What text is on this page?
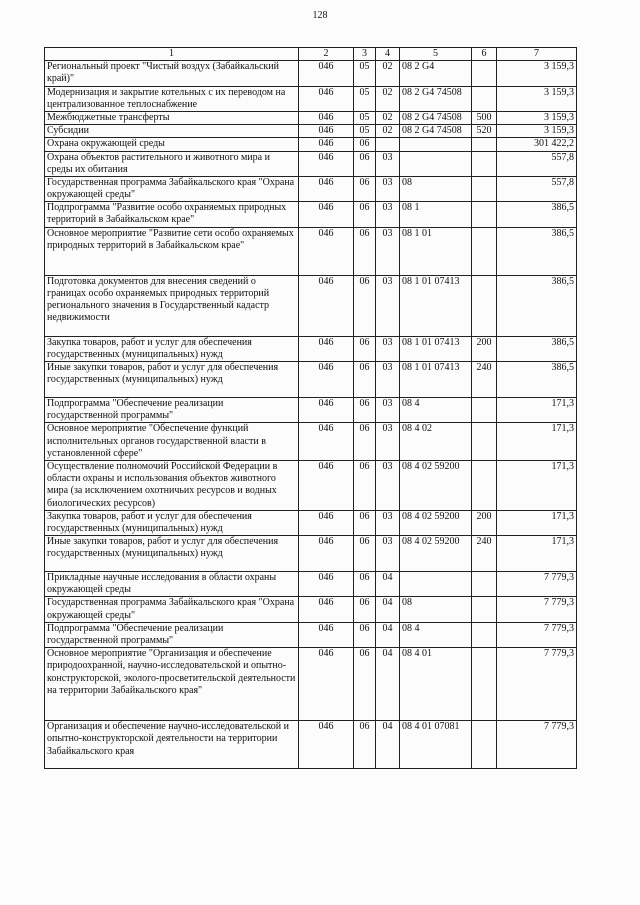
128
1	2	3	4	5	6	7
Региональный проект "Чистый воздух (Забайкальский край)"	046	05	02	08 2 G4		3 159,3
Модернизация и закрытие котельных с их переводом на централизованное теплоснабжение	046	05	02	08 2 G4 74508		3 159,3
Межбюджетные трансферты	046	05	02	08 2 G4 74508	500	3 159,3
Субсидии	046	05	02	08 2 G4 74508	520	3 159,3
Охрана окружающей среды	046	06				301 422,2
Охрана объектов растительного и животного мира и среды их обитания	046	06	03			557,8
Государственная программа Забайкальского края "Охрана окружающей среды"	046	06	03	08		557,8
Подпрограмма "Развитие особо охраняемых природных территорий в Забайкальском крае"	046	06	03	08 1		386,5
Основное мероприятие "Развитие сети особо охраняемых природных территорий в Забайкальском крае"	046	06	03	08 1 01		386,5
Подготовка документов для внесения сведений о границах особо охраняемых природных территорий регионального значения в Государственный кадастр недвижимости	046	06	03	08 1 01 07413		386,5
Закупка товаров, работ и услуг для обеспечения государственных (муниципальных) нужд	046	06	03	08 1 01 07413	200	386,5
Иные закупки товаров, работ и услуг для обеспечения государственных (муниципальных) нужд	046	06	03	08 1 01 07413	240	386,5
Подпрограмма "Обеспечение реализации государственной программы"	046	06	03	08 4		171,3
Основное мероприятие "Обеспечение функций исполнительных органов государственной власти в установленной сфере"	046	06	03	08 4 02		171,3
Осуществление полномочий Российской Федерации в области охраны и использования объектов животного мира (за исключением охотничьих ресурсов и водных биологических ресурсов)	046	06	03	08 4 02 59200		171,3
Закупка товаров, работ и услуг для обеспечения государственных (муниципальных) нужд	046	06	03	08 4 02 59200	200	171,3
Иные закупки товаров, работ и услуг для обеспечения государственных (муниципальных) нужд	046	06	03	08 4 02 59200	240	171,3
Прикладные научные исследования в области охраны окружающей среды	046	06	04			7 779,3
Государственная программа Забайкальского края "Охрана окружающей среды"	046	06	04	08		7 779,3
Подпрограмма "Обеспечение реализации государственной программы"	046	06	04	08 4		7 779,3
Основное мероприятие "Организация и обеспечение природоохранной, научно-исследовательской и опытно-конструкторской, эколого-просветительской деятельности на территории Забайкальского края"	046	06	04	08 4 01		7 779,3
Организация и обеспечение научно-исследовательской и опытно-конструкторской деятельности на территории Забайкальского края	046	06	04	08 4 01 07081		7 779,3
